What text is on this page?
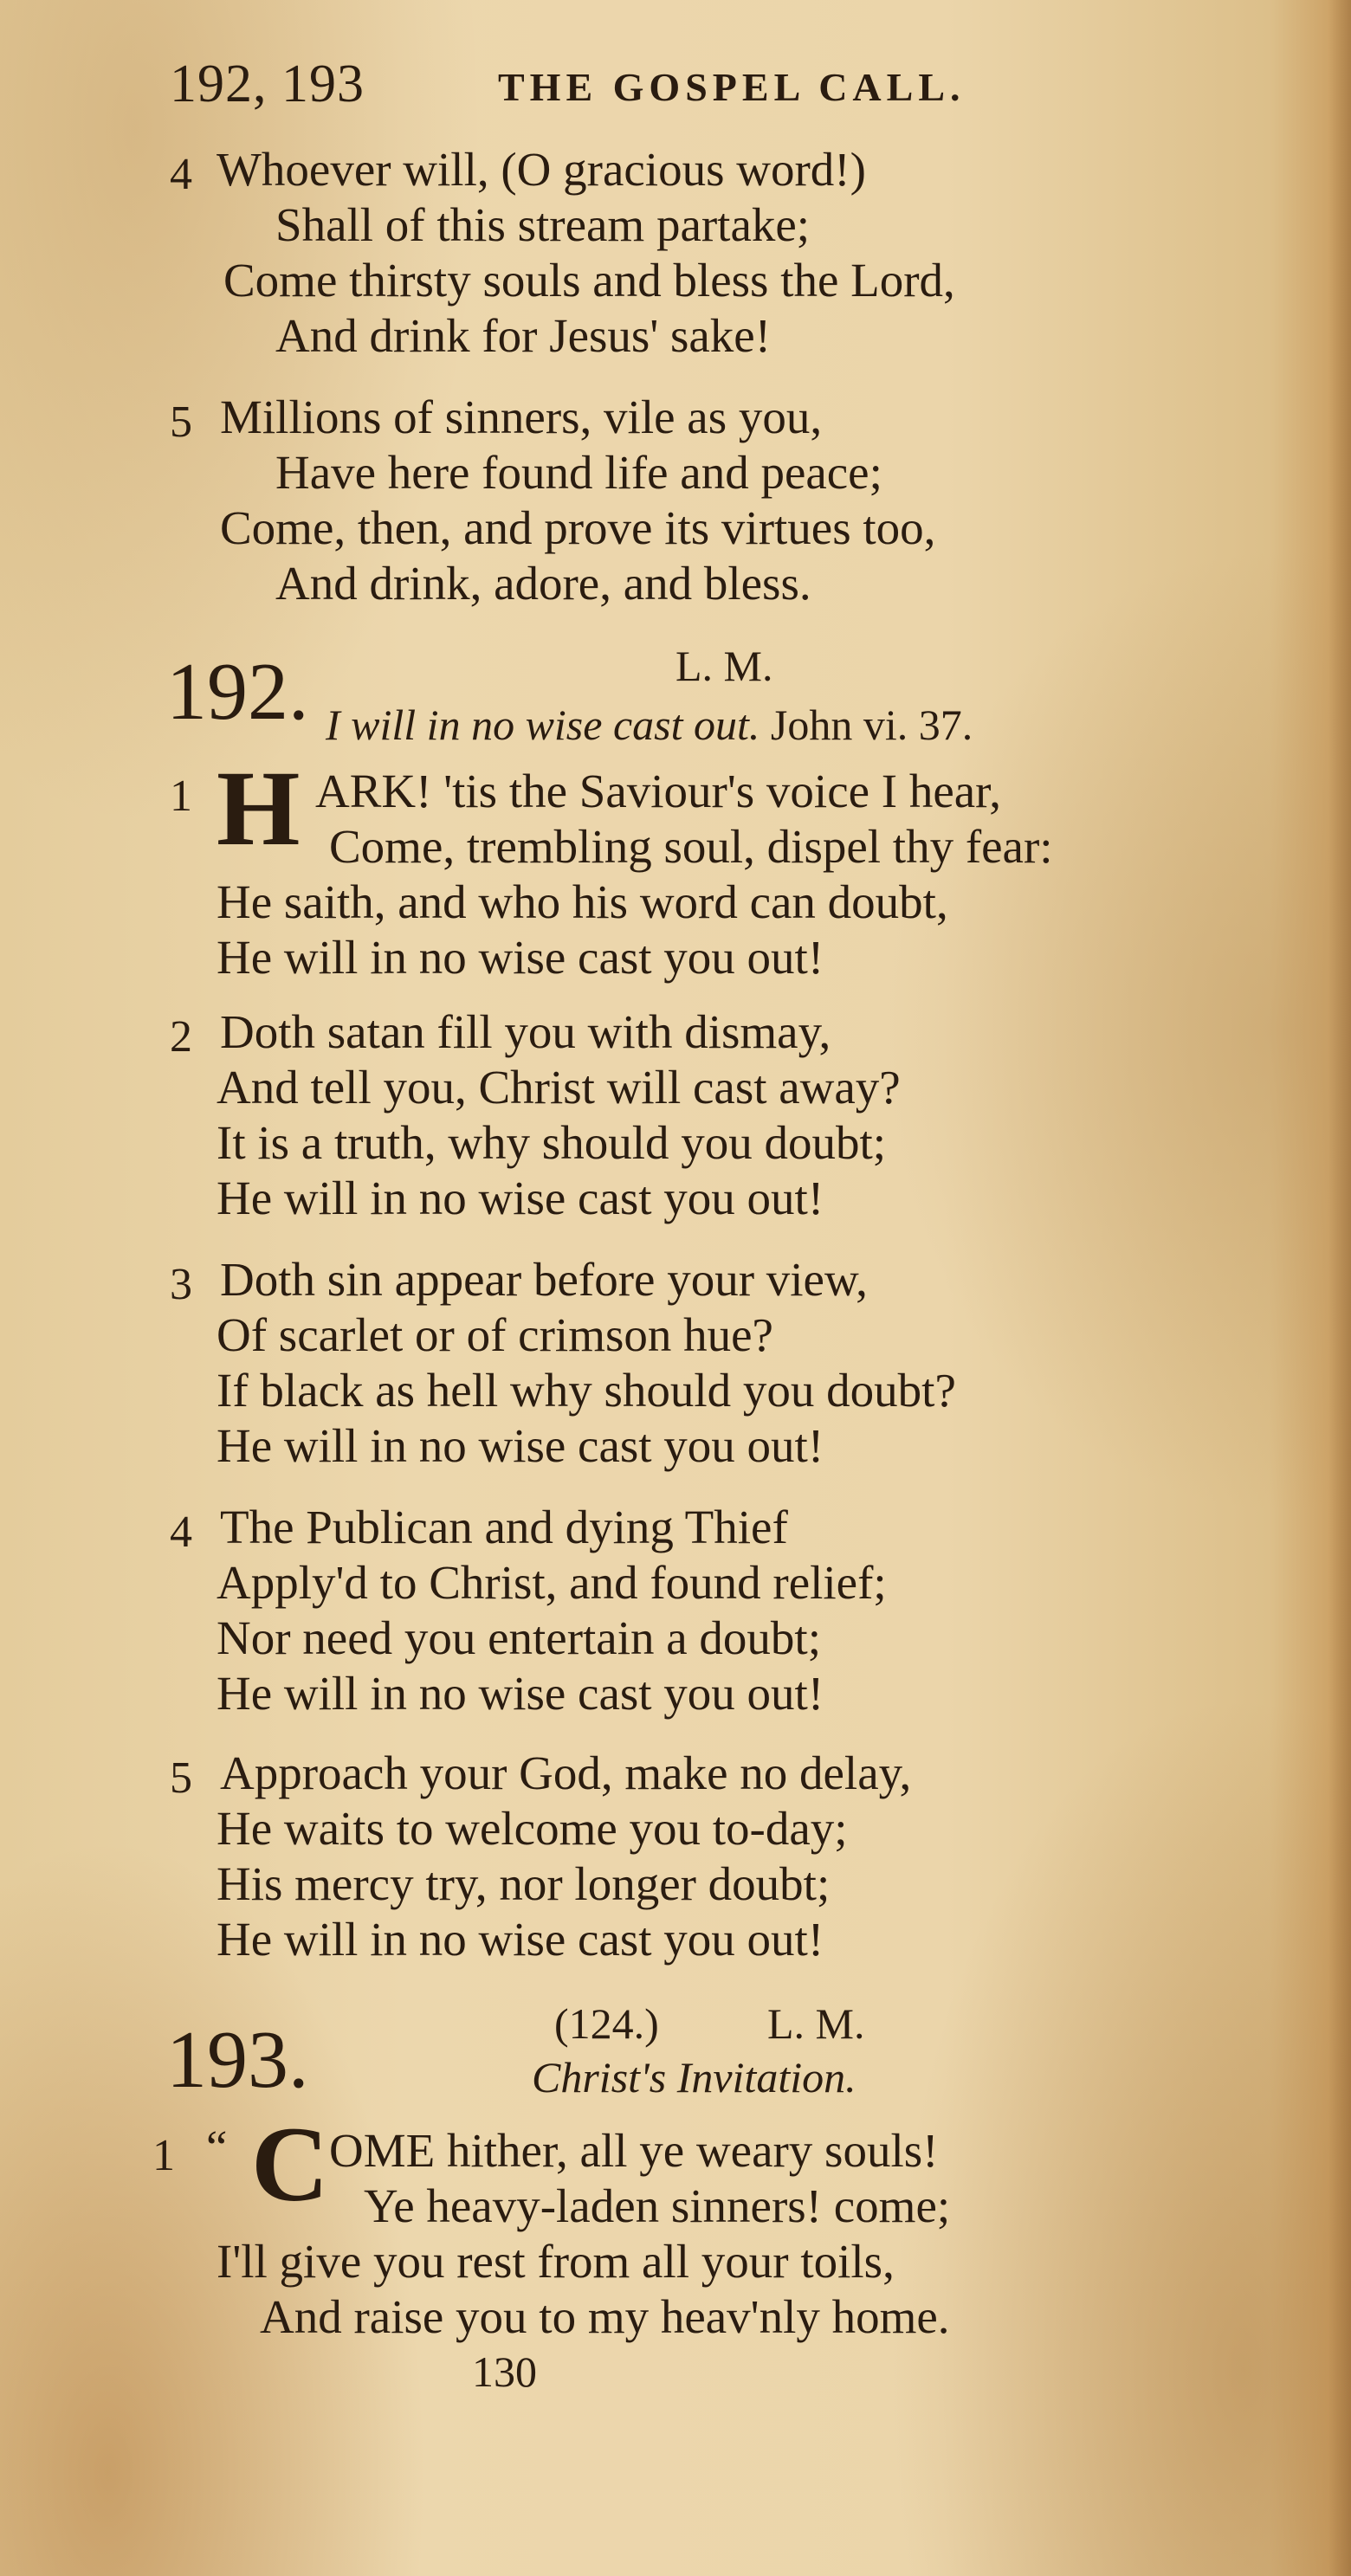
192, 193	THE GOSPEL CALL.
4 Whoever will, (O gracious word!)
Shall of this stream partake;
Come thirsty souls and bless the Lord,
And drink for Jesus' sake!
5 Millions of sinners, vile as you,
Have here found life and peace;
Come, then, and prove its virtues too,
And drink, adore, and bless.
192.	L. M.
I will in no wise cast out. John vi. 37.
1 H ARK! 'tis the Saviour's voice I hear,
Come, trembling soul, dispel thy fear:
He saith, and who his word can doubt,
He will in no wise cast you out!
2 Doth satan fill you with dismay,
And tell you, Christ will cast away?
It is a truth, why should you doubt;
He will in no wise cast you out!
3 Doth sin appear before your view,
Of scarlet or of crimson hue?
If black as hell why should you doubt?
He will in no wise cast you out!
4 The Publican and dying Thief
Apply'd to Christ, and found relief;
Nor need you entertain a doubt;
He will in no wise cast you out!
5 Approach your God, make no delay,
He waits to welcome you to-day;
His mercy try, nor longer doubt;
He will in no wise cast you out!
193.	(124.)	L. M.
Christ's Invitation.
1 “ C OME hither, all ye weary souls!
Ye heavy-laden sinners! come;
I'll give you rest from all your toils,
And raise you to my heav'nly home.
130
